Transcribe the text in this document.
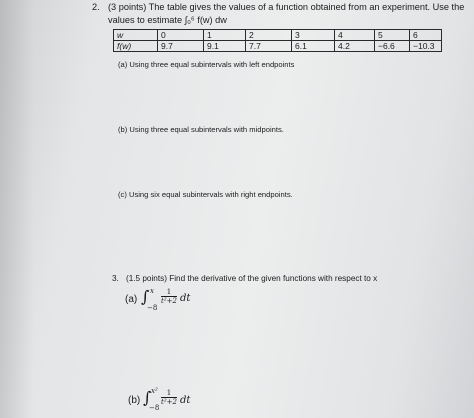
2. (3 points) The table gives the values of a function obtained from an experiment. Use the
values to estimate ∫₀⁶ f(w) dw
w	0	1	2	3	4	5	6
f(w)	9.7	9.1	7.7	6.1	4.2	−6.6	−10.3
(a) Using three equal subintervals with left endpoints
(b) Using three equal subintervals with midpoints.
(c) Using six equal subintervals with right endpoints.
3. (1.5 points) Find the derivative of the given functions with respect to x
(a) ∫ x
−8
$\frac{1}{\text{t²+2}}$ dt
(b) ∫ x²
−8
$\frac{1}{\text{t²+2}}$ dt
